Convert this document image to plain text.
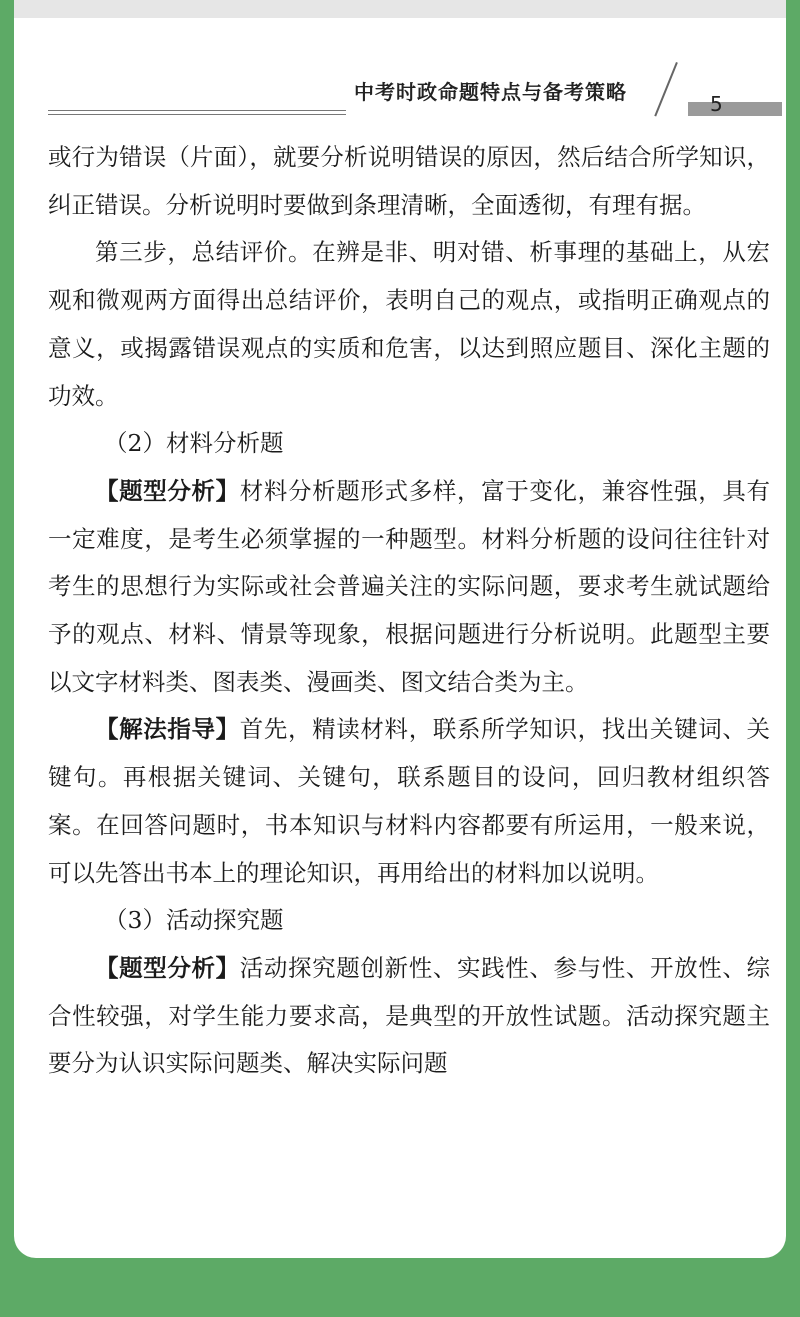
中考时政命题特点与备考策略	5

或行为错误（片面），就要分析说明错误的原因，然后结合所学知识，纠正错误。分析说明时要做到条理清晰，全面透彻，有理有据。

第三步，总结评价。在辨是非、明对错、析事理的基础上，从宏观和微观两方面得出总结评价，表明自己的观点，或指明正确观点的意义，或揭露错误观点的实质和危害，以达到照应题目、深化主题的功效。

（2）材料分析题

【题型分析】材料分析题形式多样，富于变化，兼容性强，具有一定难度，是考生必须掌握的一种题型。材料分析题的设问往往针对考生的思想行为实际或社会普遍关注的实际问题，要求考生就试题给予的观点、材料、情景等现象，根据问题进行分析说明。此题型主要以文字材料类、图表类、漫画类、图文结合类为主。

【解法指导】首先，精读材料，联系所学知识，找出关键词、关键句。再根据关键词、关键句，联系题目的设问，回归教材组织答案。在回答问题时，书本知识与材料内容都要有所运用，一般来说，可以先答出书本上的理论知识，再用给出的材料加以说明。

（3）活动探究题

【题型分析】活动探究题创新性、实践性、参与性、开放性、综合性较强，对学生能力要求高，是典型的开放性试题。活动探究题主要分为认识实际问题类、解决实际问题
